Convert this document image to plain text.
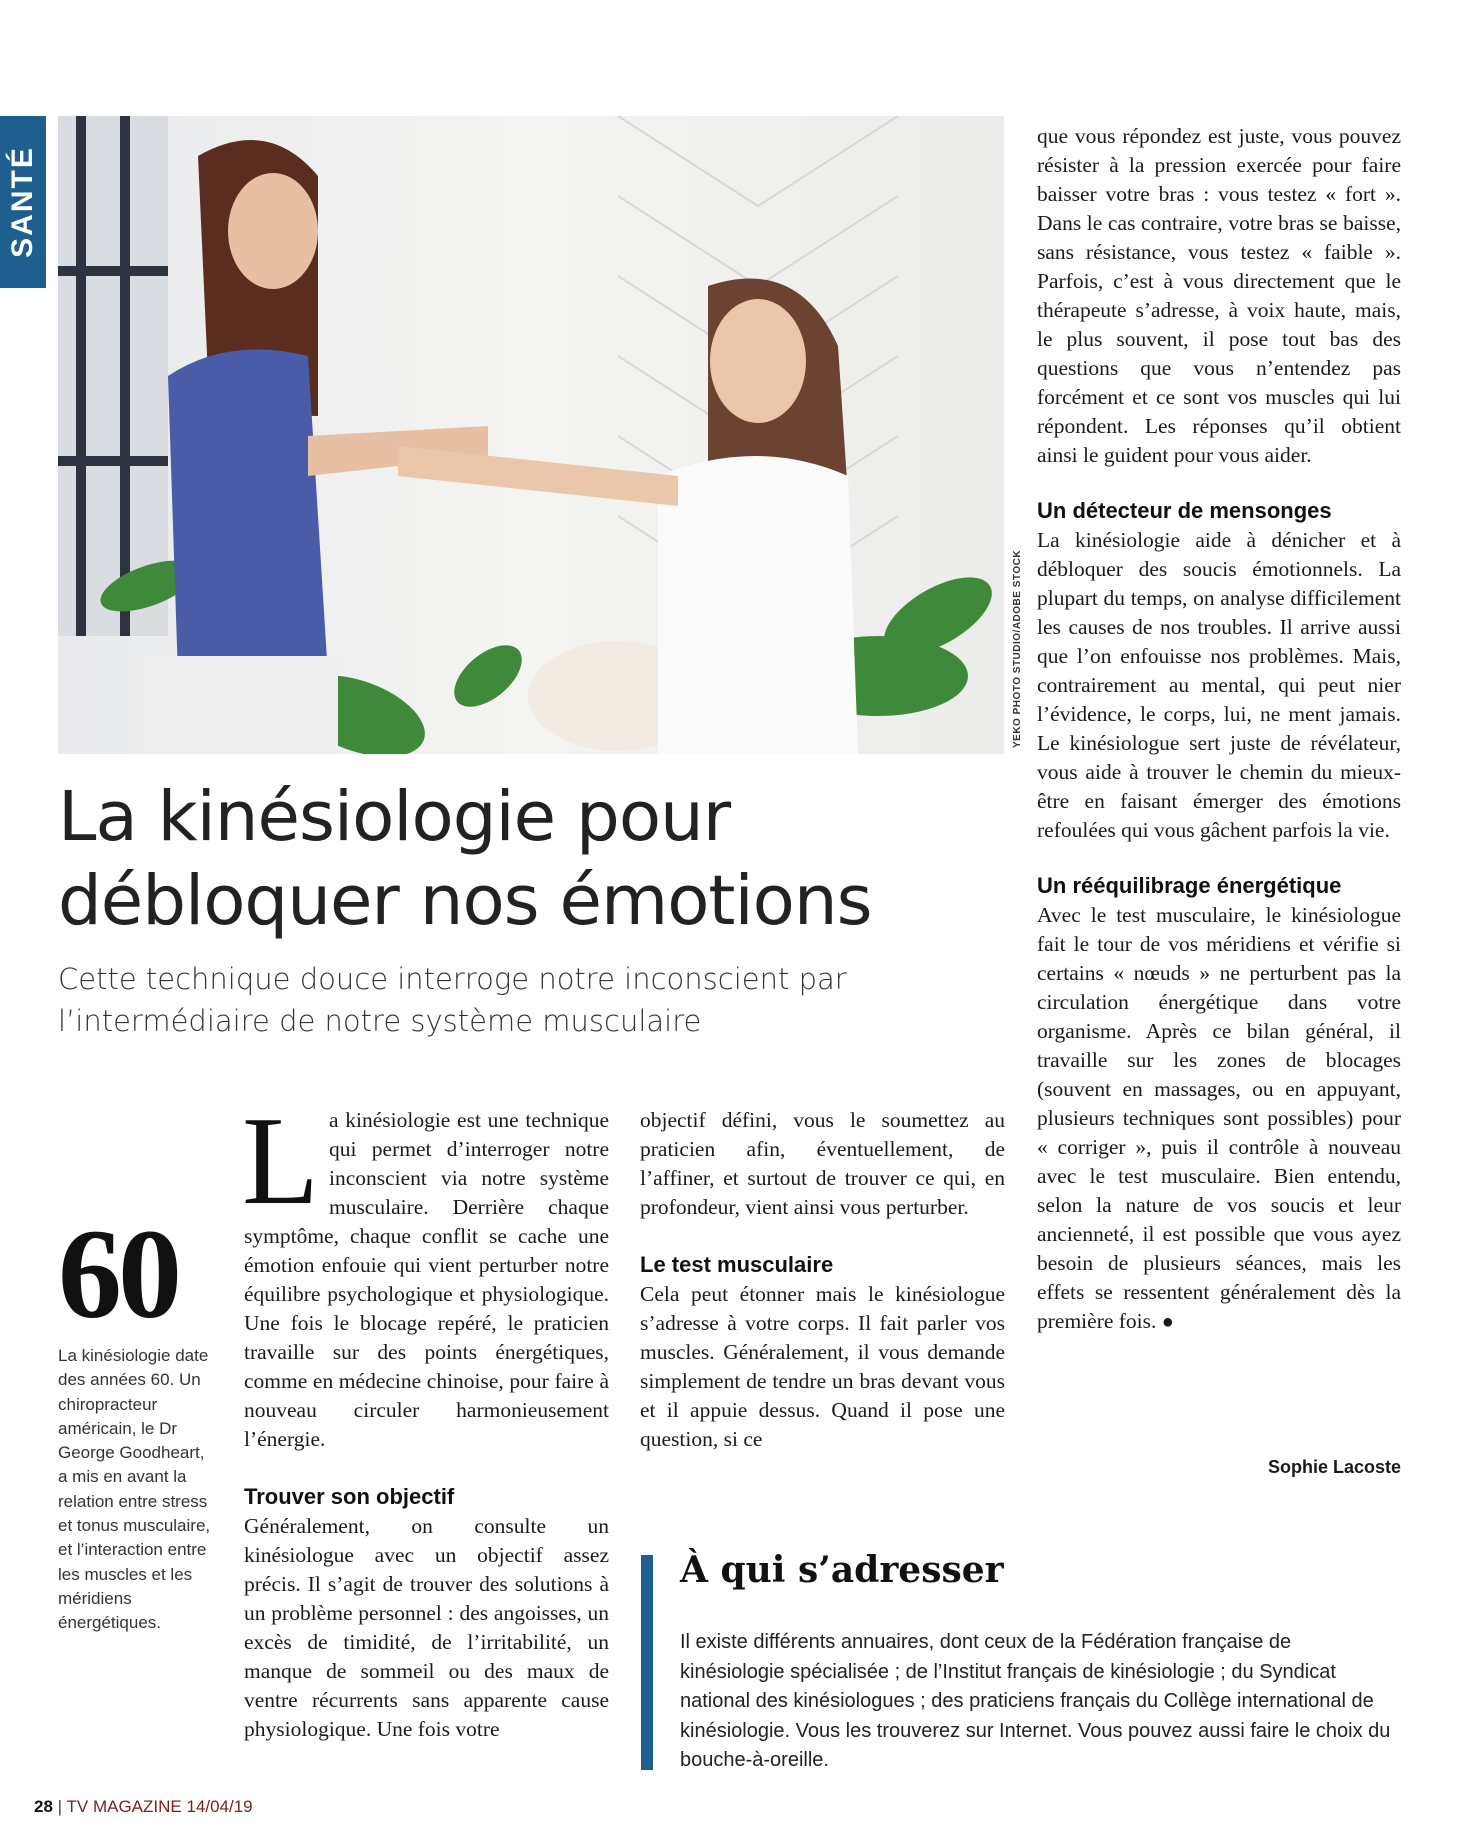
SANTÉ
YEKO PHOTO STUDIO/ADOBE STOCK
La kinésiologie pour débloquer nos émotions

Cette technique douce interroge notre inconscient par l’intermédiaire de notre système musculaire

60
La kinésiologie date des années 60. Un chiropracteur américain, le Dr George Goodheart, a mis en avant la relation entre stress et tonus musculaire, et l’interaction entre les muscles et les méridiens énergétiques.

La kinésiologie est une technique qui permet d’interroger notre inconscient via notre système musculaire. Derrière chaque symptôme, chaque conflit se cache une émotion enfouie qui vient perturber notre équilibre psychologique et physiologique. Une fois le blocage repéré, le praticien travaille sur des points énergétiques, comme en médecine chinoise, pour faire à nouveau circuler harmonieusement l’énergie.

Trouver son objectif

Généralement, on consulte un kinésiologue avec un objectif assez précis. Il s’agit de trouver des solutions à un problème personnel : des angoisses, un excès de timidité, de l’irritabilité, un manque de sommeil ou des maux de ventre récurrents sans apparente cause physiologique. Une fois votre

objectif défini, vous le soumettez au praticien afin, éventuellement, de l’affiner, et surtout de trouver ce qui, en profondeur, vient ainsi vous perturber.

Le test musculaire

Cela peut étonner mais le kinésiologue s’adresse à votre corps. Il fait parler vos muscles. Généralement, il vous demande simplement de tendre un bras devant vous et il appuie dessus. Quand il pose une question, si ce

que vous répondez est juste, vous pouvez résister à la pression exercée pour faire baisser votre bras : vous testez « fort ». Dans le cas contraire, votre bras se baisse, sans résistance, vous testez « faible ». Parfois, c’est à vous directement que le thérapeute s’adresse, à voix haute, mais, le plus souvent, il pose tout bas des questions que vous n’entendez pas forcément et ce sont vos muscles qui lui répondent. Les réponses qu’il obtient ainsi le guident pour vous aider.

Un détecteur de mensonges

La kinésiologie aide à dénicher et à débloquer des soucis émotionnels. La plupart du temps, on analyse difficilement les causes de nos troubles. Il arrive aussi que l’on enfouisse nos problèmes. Mais, contrairement au mental, qui peut nier l’évidence, le corps, lui, ne ment jamais. Le kinésiologue sert juste de révélateur, vous aide à trouver le chemin du mieux-être en faisant émerger des émotions refoulées qui vous gâchent parfois la vie.

Un rééquilibrage énergétique

Avec le test musculaire, le kinésiologue fait le tour de vos méridiens et vérifie si certains « nœuds » ne perturbent pas la circulation énergétique dans votre organisme. Après ce bilan général, il travaille sur les zones de blocages (souvent en massages, ou en appuyant, plusieurs techniques sont possibles) pour « corriger », puis il contrôle à nouveau avec le test musculaire. Bien entendu, selon la nature de vos soucis et leur ancienneté, il est possible que vous ayez besoin de plusieurs séances, mais les effets se ressentent généralement dès la première fois. ●

Sophie Lacoste
À qui s’adresser

Il existe différents annuaires, dont ceux de la Fédération française de kinésiologie spécialisée ; de l’Institut français de kinésiologie ; du Syndicat national des kinésiologues ; des praticiens français du Collège international de kinésiologie. Vous les trouverez sur Internet. Vous pouvez aussi faire le choix du bouche-à-oreille.

28 | TV MAGAZINE 14/04/19
